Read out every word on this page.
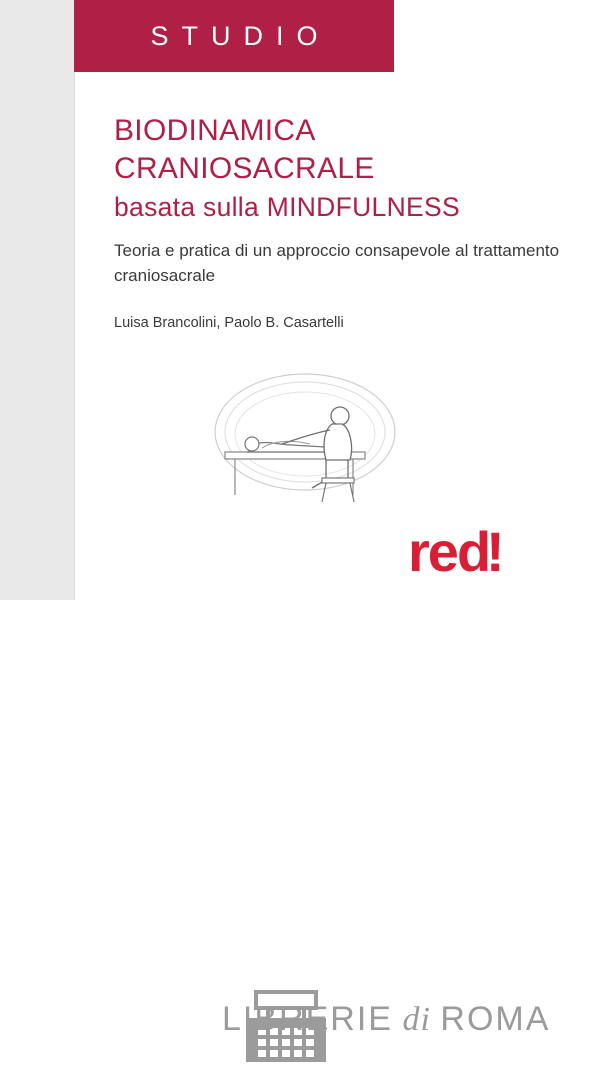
STUDIO
BIODINAMICA
CRANIOSACRALE
basata sulla MINDFULNESS
Teoria e pratica di un approccio consapevole al trattamento craniosacrale
Luisa Brancolini, Paolo B. Casartelli
LIBRERIE di ROMA
red
!
